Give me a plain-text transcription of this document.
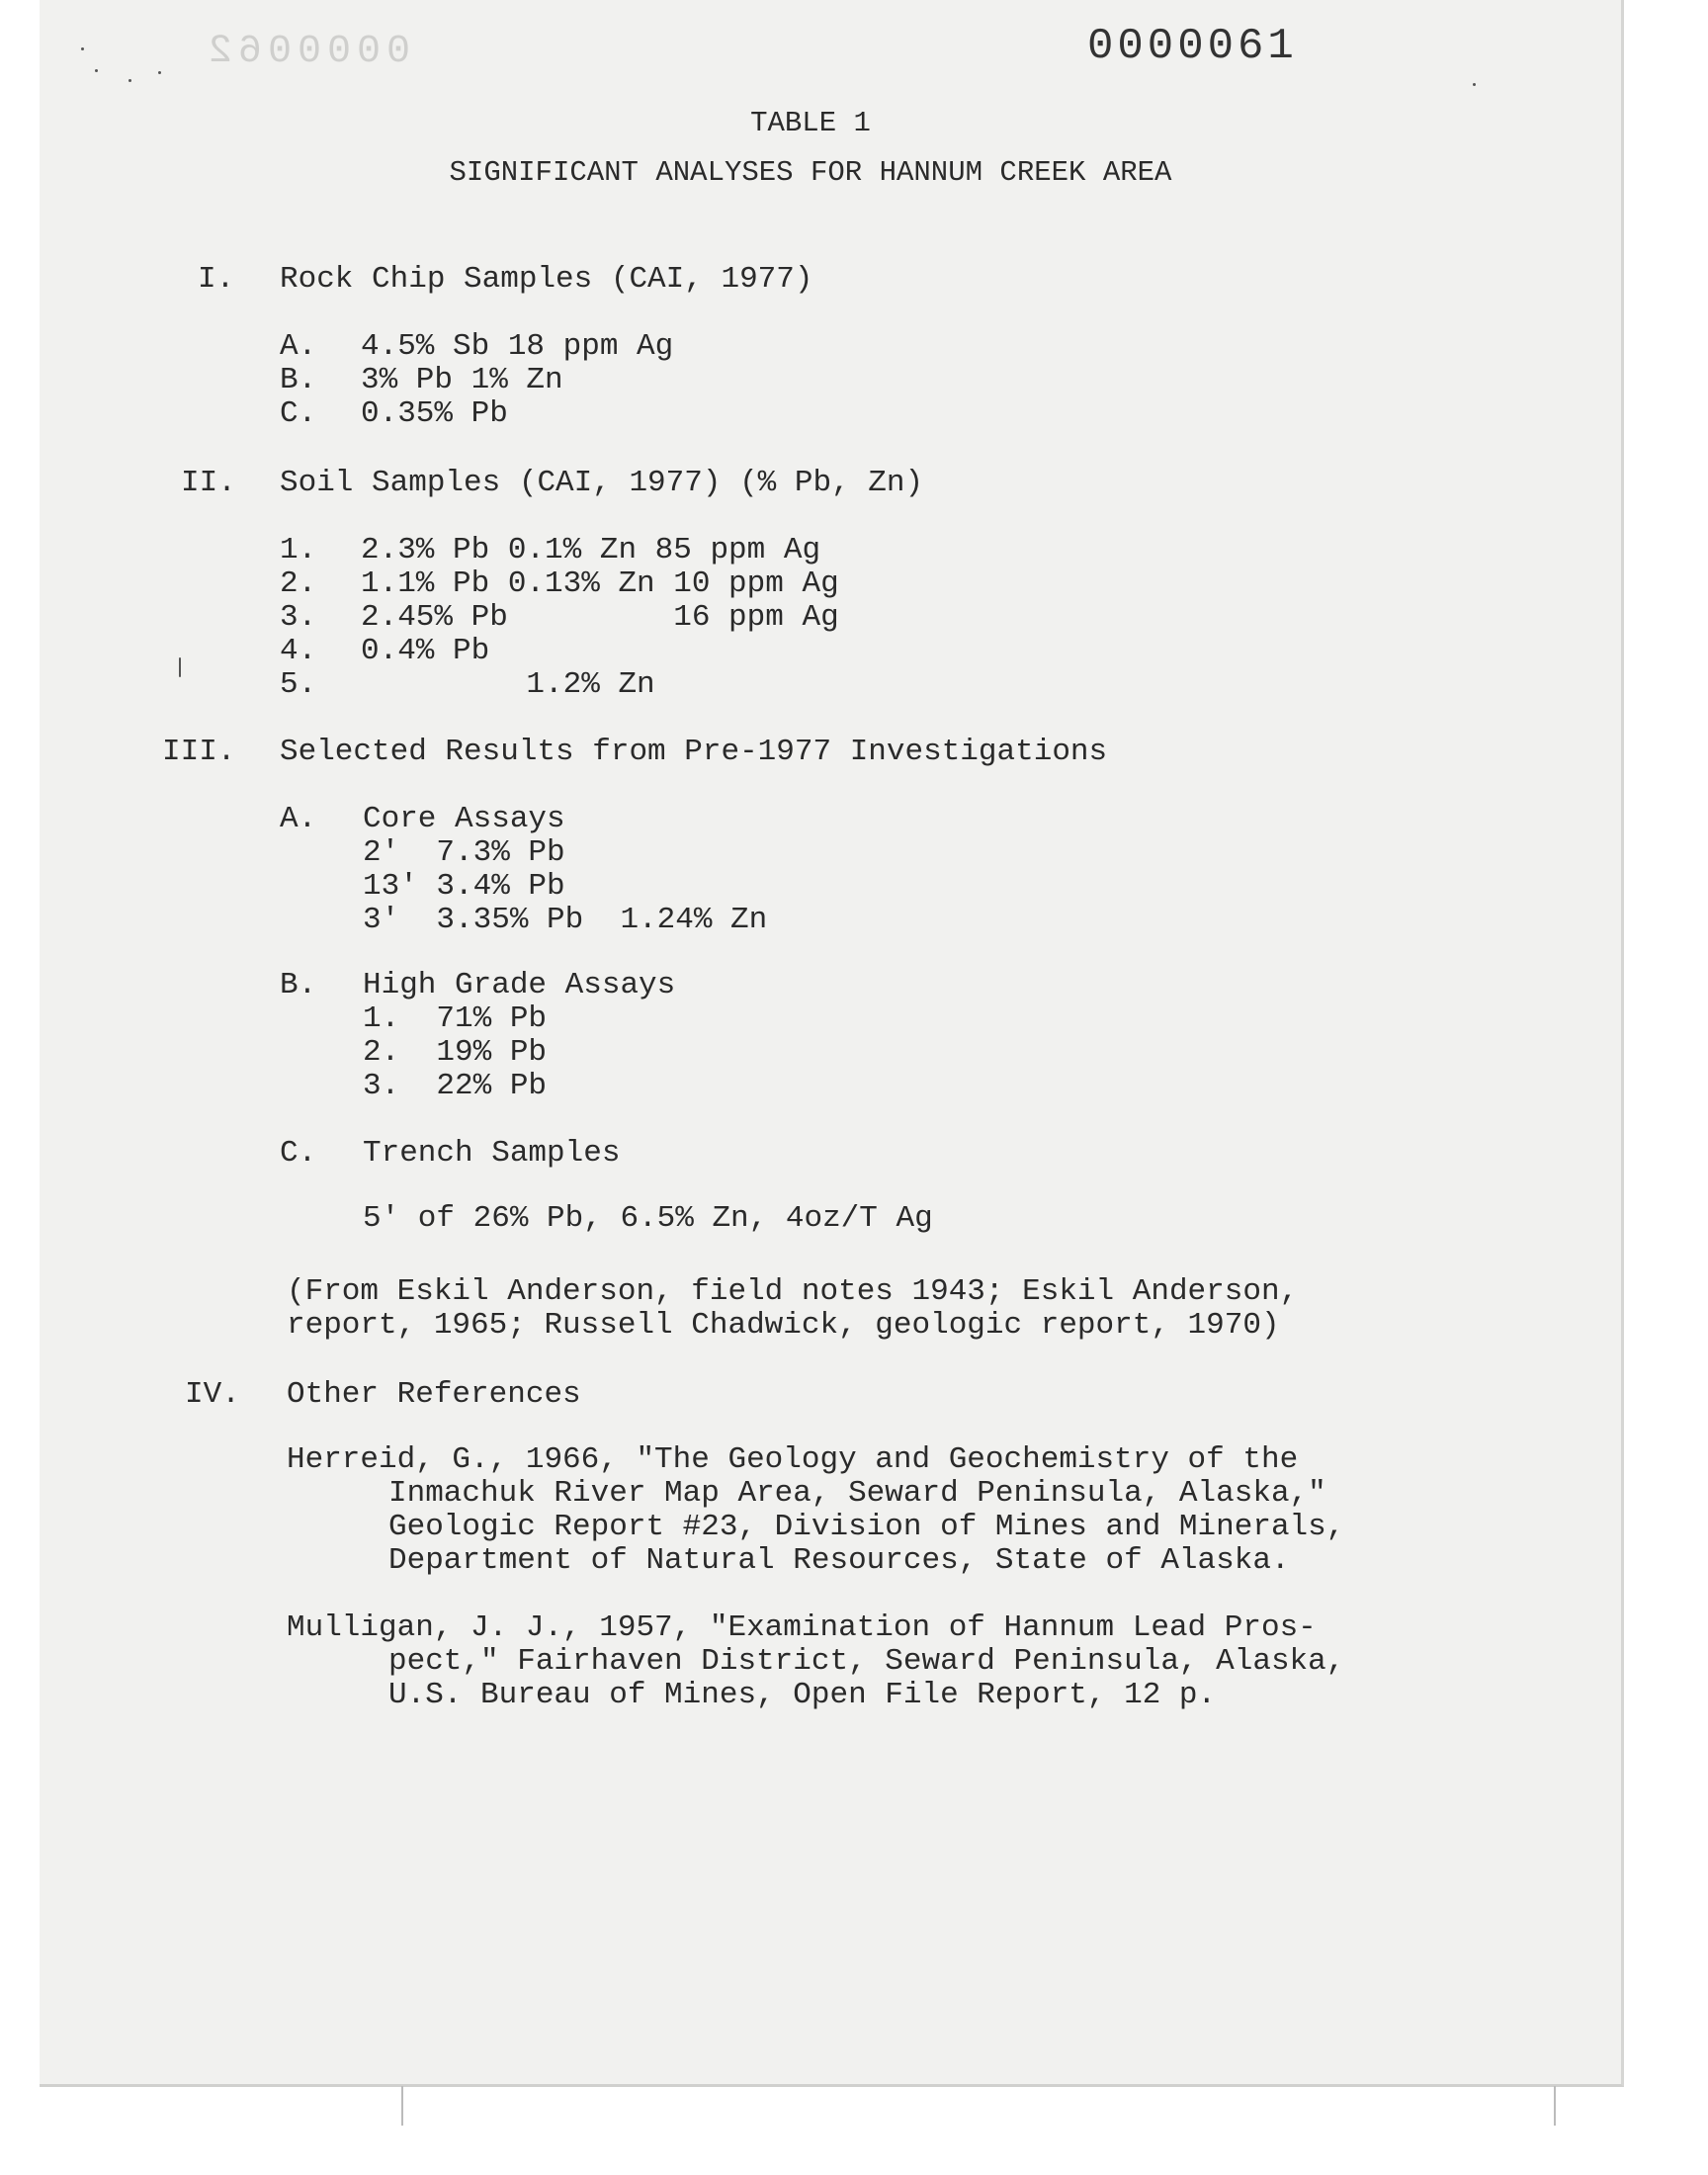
0000062	0000061
TABLE 1
SIGNIFICANT ANALYSES FOR HANNUM CREEK AREA
I. Rock Chip Samples (CAI, 1977)
A. 4.5% Sb 18 ppm Ag
B. 3% Pb 1% Zn
C. 0.35% Pb
II. Soil Samples (CAI, 1977) (% Pb, Zn)
1. 2.3% Pb 0.1% Zn 85 ppm Ag
2. 1.1% Pb 0.13% Zn 10 ppm Ag
3. 2.45% Pb         16 ppm Ag
4. 0.4% Pb
5. 1.2% Zn
III. Selected Results from Pre-1977 Investigations
A. Core Assays
2'  7.3% Pb
13' 3.4% Pb
3'  3.35% Pb  1.24% Zn
B. High Grade Assays
1.  71% Pb
2.  19% Pb
3.  22% Pb
C. Trench Samples
5' of 26% Pb, 6.5% Zn, 4oz/T Ag
(From Eskil Anderson, field notes 1943; Eskil Anderson,
report, 1965; Russell Chadwick, geologic report, 1970)
IV. Other References
Herreid, G., 1966, "The Geology and Geochemistry of the
Inmachuk River Map Area, Seward Peninsula, Alaska,"
Geologic Report #23, Division of Mines and Minerals,
Department of Natural Resources, State of Alaska.
Mulligan, J. J., 1957, "Examination of Hannum Lead Pros-
pect," Fairhaven District, Seward Peninsula, Alaska,
U.S. Bureau of Mines, Open File Report, 12 p.
